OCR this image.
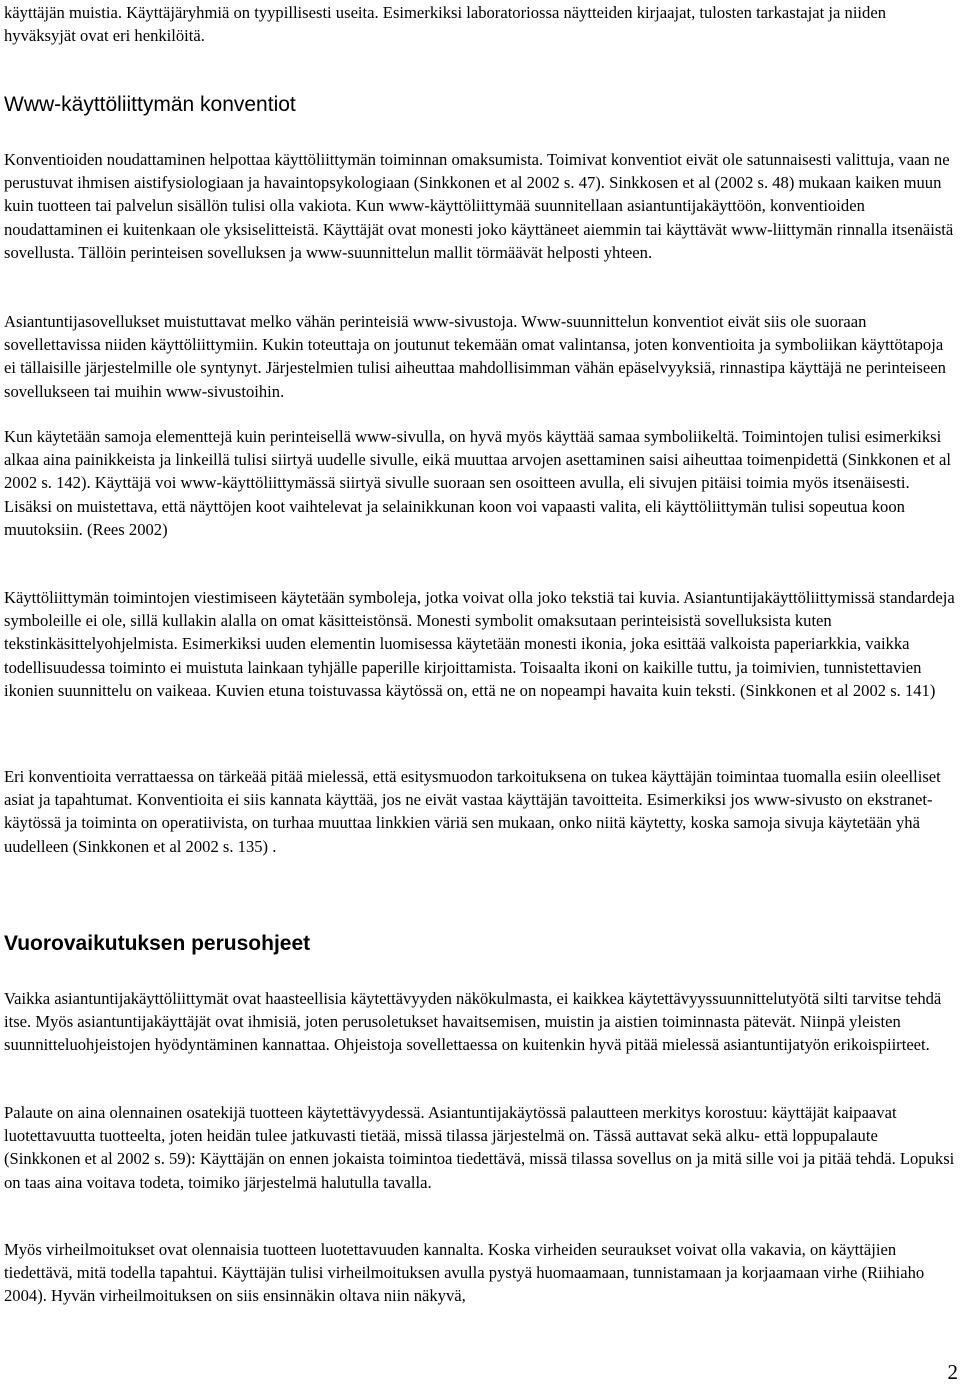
käyttäjän muistia. Käyttäjäryhmiä on tyypillisesti useita. Esimerkiksi laboratoriossa näytteiden kirjaajat, tulosten tarkastajat ja niiden hyväksyjät ovat eri henkilöitä.

Www-käyttöliittymän konventiot

Konventioiden noudattaminen helpottaa käyttöliittymän toiminnan omaksumista. Toimivat konventiot eivät ole satunnaisesti valittuja, vaan ne perustuvat ihmisen aistifysiologiaan ja havaintopsykologiaan (Sinkkonen et al 2002 s. 47). Sinkkosen et al (2002 s. 48) mukaan kaiken muun kuin tuotteen tai palvelun sisällön tulisi olla vakiota. Kun www-käyttöliittymää suunnitellaan asiantuntijakäyttöön, konventioiden noudattaminen ei kuitenkaan ole yksiselitteistä. Käyttäjät ovat monesti joko käyttäneet aiemmin tai käyttävät www-liittymän rinnalla itsenäistä sovellusta. Tällöin perinteisen sovelluksen ja www-suunnittelun mallit törmäävät helposti yhteen.

Asiantuntijasovellukset muistuttavat melko vähän perinteisiä www-sivustoja. Www-suunnittelun konventiot eivät siis ole suoraan sovellettavissa niiden käyttöliittymiin. Kukin toteuttaja on joutunut tekemään omat valintansa, joten konventioita ja symboliikan käyttötapoja ei tällaisille järjestelmille ole syntynyt. Järjestelmien tulisi aiheuttaa mahdollisimman vähän epäselvyyksiä, rinnastipa käyttäjä ne perinteiseen sovellukseen tai muihin www-sivustoihin.

Kun käytetään samoja elementtejä kuin perinteisellä www-sivulla, on hyvä myös käyttää samaa symboliikeltä. Toimintojen tulisi esimerkiksi alkaa aina painikkeista ja linkeillä tulisi siirtyä uudelle sivulle, eikä muuttaa arvojen asettaminen saisi aiheuttaa toimenpidettä (Sinkkonen et al 2002 s. 142). Käyttäjä voi www-käyttöliittymässä siirtyä sivulle suoraan sen osoitteen avulla, eli sivujen pitäisi toimia myös itsenäisesti. Lisäksi on muistettava, että näyttöjen koot vaihtelevat ja selainikkunan koon voi vapaasti valita, eli käyttöliittymän tulisi sopeutua koon muutoksiin. (Rees 2002)

Käyttöliittymän toimintojen viestimiseen käytetään symboleja, jotka voivat olla joko tekstiä tai kuvia. Asiantuntijakäyttöliittymissä standardeja symboleille ei ole, sillä kullakin alalla on omat käsitteistönsä. Monesti symbolit omaksutaan perinteisistä sovelluksista kuten tekstinkäsittelyohjelmista. Esimerkiksi uuden elementin luomisessa käytetään monesti ikonia, joka esittää valkoista paperiarkkia, vaikka todellisuudessa toiminto ei muistuta lainkaan tyhjälle paperille kirjoittamista. Toisaalta ikoni on kaikille tuttu, ja toimivien, tunnistettavien ikonien suunnittelu on vaikeaa. Kuvien etuna toistuvassa käytössä on, että ne on nopeampi havaita kuin teksti. (Sinkkonen et al 2002 s. 141)

Eri konventioita verrattaessa on tärkeää pitää mielessä, että esitysmuodon tarkoituksena on tukea käyttäjän toimintaa tuomalla esiin oleelliset asiat ja tapahtumat. Konventioita ei siis kannata käyttää, jos ne eivät vastaa käyttäjän tavoitteita. Esimerkiksi jos www-sivusto on ekstranet-käytössä ja toiminta on operatiivista, on turhaa muuttaa linkkien väriä sen mukaan, onko niitä käytetty, koska samoja sivuja käytetään yhä uudelleen (Sinkkonen et al 2002 s. 135) .

Vuorovaikutuksen perusohjeet

Vaikka asiantuntijakäyttöliittymät ovat haasteellisia käytettävyyden näkökulmasta, ei kaikkea käytettävyyssuunnittelutyötä silti tarvitse tehdä itse. Myös asiantuntijakäyttäjät ovat ihmisiä, joten perusoletukset havaitsemisen, muistin ja aistien toiminnasta pätevät. Niinpä yleisten suunnitteluohjeistojen hyödyntäminen kannattaa. Ohjeistoja sovellettaessa on kuitenkin hyvä pitää mielessä asiantuntijatyön erikoispiirteet.

Palaute on aina olennainen osatekijä tuotteen käytettävyydessä. Asiantuntijakäytössä palautteen merkitys korostuu: käyttäjät kaipaavat luotettavuutta tuotteelta, joten heidän tulee jatkuvasti tietää, missä tilassa järjestelmä on. Tässä auttavat sekä alku- että loppupalaute (Sinkkonen et al 2002 s. 59): Käyttäjän on ennen jokaista toimintoa tiedettävä, missä tilassa sovellus on ja mitä sille voi ja pitää tehdä. Lopuksi on taas aina voitava todeta, toimiko järjestelmä halutulla tavalla.

Myös virheilmoitukset ovat olennaisia tuotteen luotettavuuden kannalta. Koska virheiden seuraukset voivat olla vakavia, on käyttäjien tiedettävä, mitä todella tapahtui. Käyttäjän tulisi virheilmoituksen avulla pystyä huomaamaan, tunnistamaan ja korjaamaan virhe (Riihiaho 2004). Hyvän virheilmoituksen on siis ensinnäkin oltava niin näkyvä,

2
